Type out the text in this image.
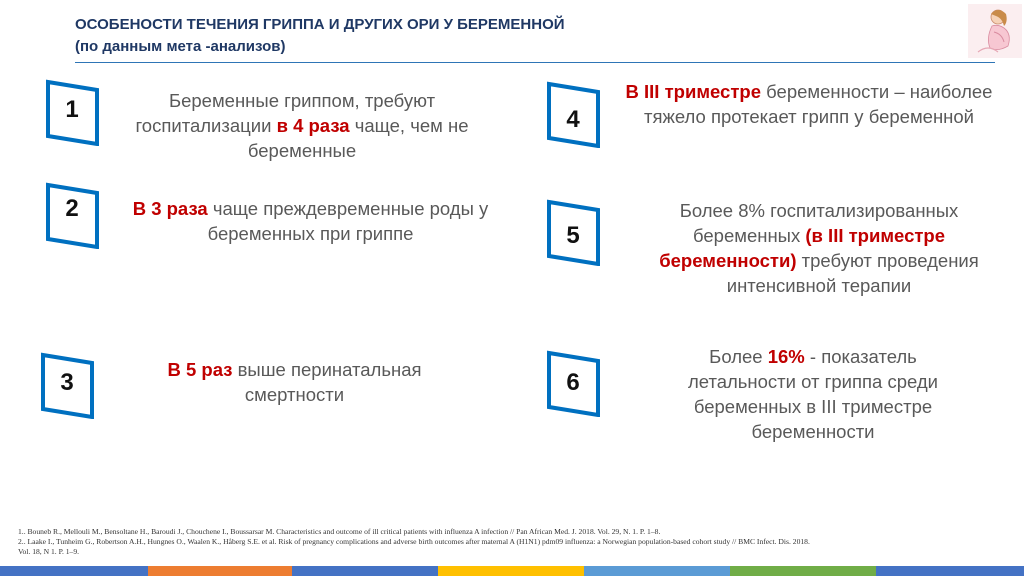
ОСОБЕНОСТИ ТЕЧЕНИЯ ГРИППА И ДРУГИХ ОРИ У БЕРЕМЕННОЙ
(по данным мета -анализов)
1	Беременные гриппом, требуют госпитализации в 4 раза чаще, чем не беременные
2	В 3 раза чаще преждевременные роды у беременных при гриппе
3	В 5 раз выше перинатальная смертности
4
В III триместре беременности – наиболее тяжело протекает грипп у беременной
5
Более 8% госпитализированных беременных (в III триместре беременности) требуют проведения интенсивной терапии
6
Более 16% - показатель летальности от гриппа среди беременных в III триместре беременности
1.. Bouneb R., Mellouli M., Bensoltane H., Baroudi J., Chouchene I., Boussarsar M. Characteristics and outcome of ill critical patients with influenza A infection // Pan African Med. J. 2018. Vol. 29, N. 1. P. 1–8.
2.. Laake I., Tunheim G., Robertson A.H., Hungnes O., Waalen K., Håberg S.E. et al. Risk of pregnancy complications and adverse birth outcomes after maternal A (H1N1) pdm09 influenza: a Norwegian population-based cohort study // BMC Infect. Dis. 2018.
Vol. 18, N 1. P. 1–9.
